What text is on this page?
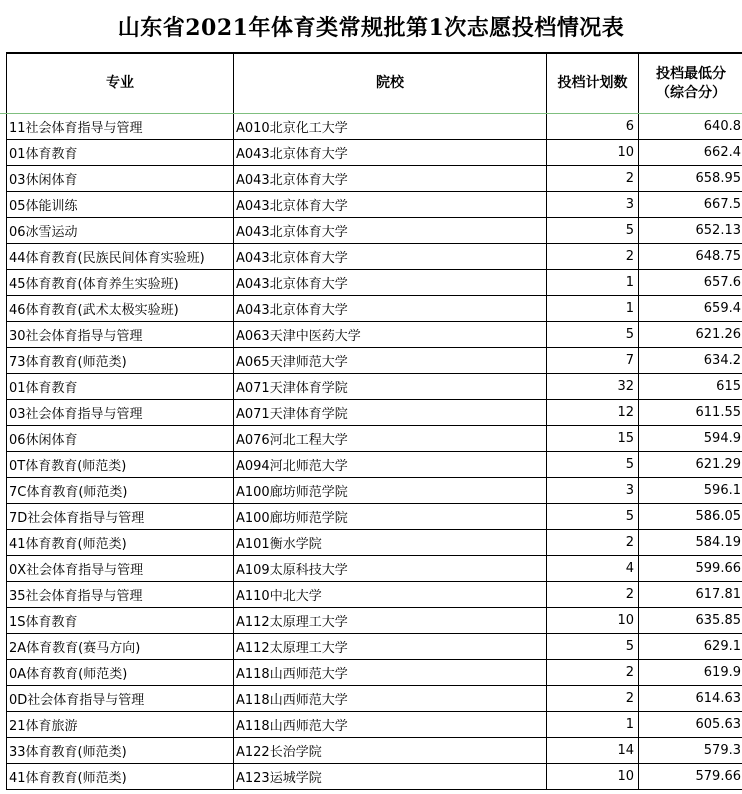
山东省2021年体育类常规批第1次志愿投档情况表
专业	院校	投档计划数	投档最低分
（综合分）

11社会体育指导与管理	A010北京化工大学	6	640.8
01体育教育	A043北京体育大学	10	662.4
03休闲体育	A043北京体育大学	2	658.95
05体能训练	A043北京体育大学	3	667.5
06冰雪运动	A043北京体育大学	5	652.13
44体育教育(民族民间体育实验班)	A043北京体育大学	2	648.75
45体育教育(体育养生实验班)	A043北京体育大学	1	657.6
46体育教育(武术太极实验班)	A043北京体育大学	1	659.4
30社会体育指导与管理	A063天津中医药大学	5	621.26
73体育教育(师范类)	A065天津师范大学	7	634.2
01体育教育	A071天津体育学院	32	615
03社会体育指导与管理	A071天津体育学院	12	611.55
06休闲体育	A076河北工程大学	15	594.9
0T体育教育(师范类)	A094河北师范大学	5	621.29
7C体育教育(师范类)	A100廊坊师范学院	3	596.1
7D社会体育指导与管理	A100廊坊师范学院	5	586.05
41体育教育(师范类)	A101衡水学院	2	584.19
0X社会体育指导与管理	A109太原科技大学	4	599.66
35社会体育指导与管理	A110中北大学	2	617.81
1S体育教育	A112太原理工大学	10	635.85
2A体育教育(赛马方向)	A112太原理工大学	5	629.1
0A体育教育(师范类)	A118山西师范大学	2	619.9
0D社会体育指导与管理	A118山西师范大学	2	614.63
21体育旅游	A118山西师范大学	1	605.63
33体育教育(师范类)	A122长治学院	14	579.3
41体育教育(师范类)	A123运城学院	10	579.66
